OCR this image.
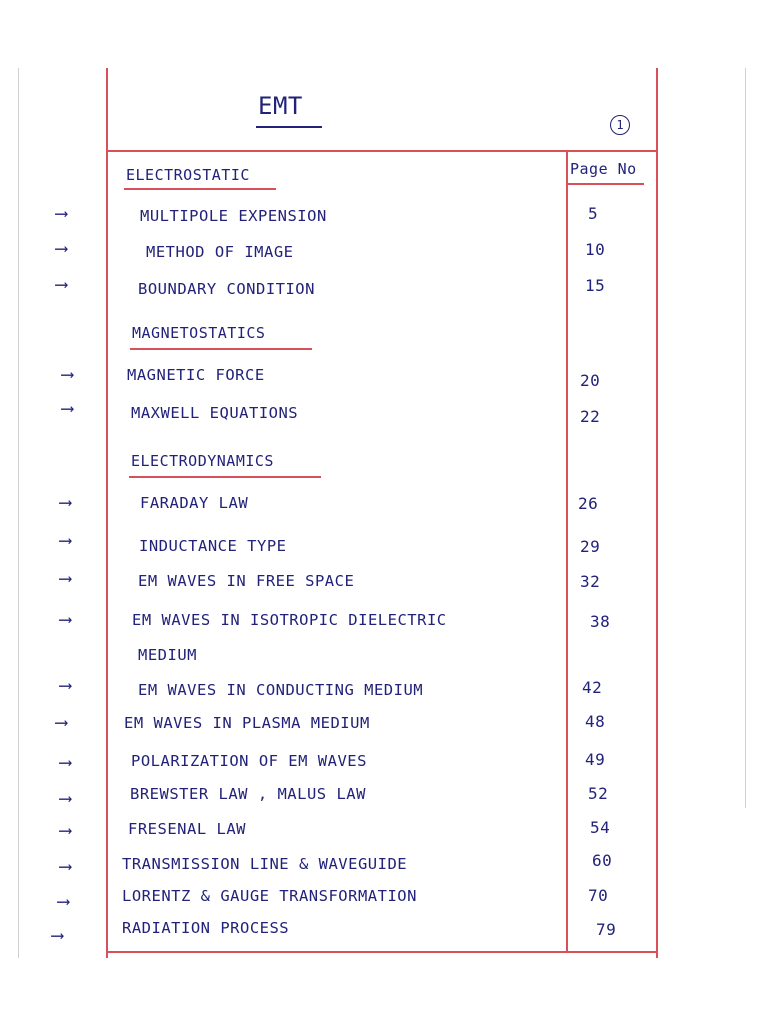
EMT
1
Page No
ELECTROSTATIC
⟶	MULTIPOLE EXPENSION	5
⟶	METHOD OF IMAGE	10
⟶	BOUNDARY CONDITION	15
MAGNETOSTATICS
⟶	MAGNETIC FORCE	20
⟶	MAXWELL EQUATIONS	22
ELECTRODYNAMICS
⟶	FARADAY LAW	26
⟶	INDUCTANCE TYPE	29
⟶	EM WAVES IN FREE SPACE	32
⟶	EM WAVES IN ISOTROPIC DIELECTRIC
MEDIUM
38
⟶	EM WAVES IN CONDUCTING MEDIUM	42
⟶	EM WAVES IN PLASMA MEDIUM	48
⟶	POLARIZATION OF EM WAVES	49
⟶	BREWSTER LAW , MALUS LAW	52
⟶	FRESENAL LAW	54
⟶	TRANSMISSION LINE & WAVEGUIDE	60
⟶	LORENTZ & GAUGE TRANSFORMATION	70
⟶	RADIATION PROCESS	79
